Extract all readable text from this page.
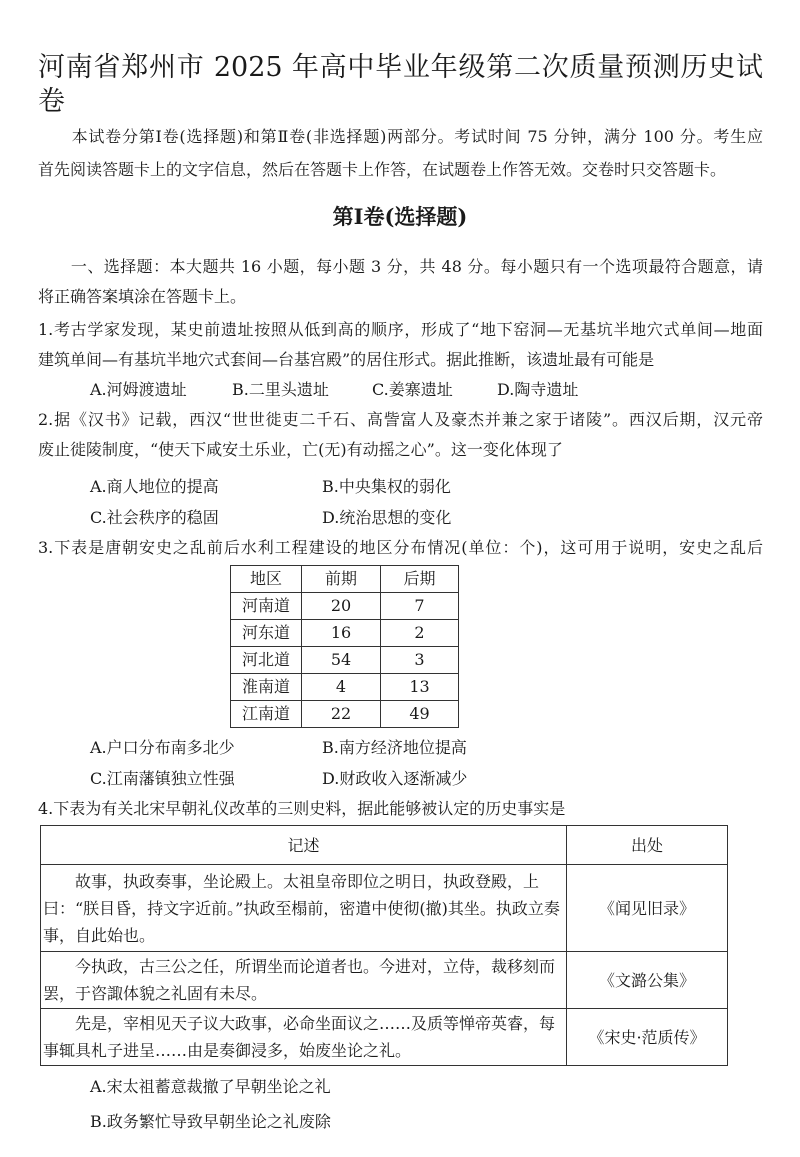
河南省郑州市 2025 年高中毕业年级第二次质量预测历史试卷
　　本试卷分第Ⅰ卷(选择题)和第Ⅱ卷(非选择题)两部分。考试时间 75 分钟，满分 100 分。考生应
首先阅读答题卡上的文字信息，然后在答题卡上作答，在试题卷上作答无效。交卷时只交答题卡。
第Ⅰ卷(选择题)
　　一、选择题：本大题共 16 小题，每小题 3 分，共 48 分。每小题只有一个选项最符合题意，请
将正确答案填涂在答题卡上。
1.考古学家发现，某史前遗址按照从低到高的顺序，形成了“地下窑洞—无基坑半地穴式单间—地面
建筑单间—有基坑半地穴式套间—台基宫殿”的居住形式。据此推断，该遗址最有可能是
A.河姆渡遗址	B.二里头遗址	C.姜寨遗址	D.陶寺遗址
2.据《汉书》记载，西汉“世世徙吏二千石、高訾富人及豪杰并兼之家于诸陵”。西汉后期，汉元帝
废止徙陵制度，“使天下咸安土乐业，亡(无)有动摇之心”。这一变化体现了
A.商人地位的提高	B.中央集权的弱化
C.社会秩序的稳固	D.统治思想的变化
3.下表是唐朝安史之乱前后水利工程建设的地区分布情况(单位：个)，这可用于说明，安史之乱后
地区	前期	后期
河南道	20	7
河东道	16	2
河北道	54	3
淮南道	4	13
江南道	22	49
A.户口分布南多北少	B.南方经济地位提高
C.江南藩镇独立性强	D.财政收入逐渐减少
4.下表为有关北宋早朝礼仪改革的三则史料，据此能够被认定的历史事实是
记述	出处
　　故事，执政奏事，坐论殿上。太祖皇帝即位之明日，执政登殿，上曰：“朕目昏，持文字近前。”执政至榻前，密遣中使彻(撤)其坐。执政立奏事，自此始也。	《闻见旧录》
　　今执政，古三公之任，所谓坐而论道者也。今进对，立侍，裁移刻而罢，于咨諏体貌之礼固有未尽。	《文潞公集》
　　先是，宰相见天子议大政事，必命坐面议之……及质等惮帝英睿，每事辄具札子进呈……由是奏御浸多，始废坐论之礼。	《宋史·范质传》
A.宋太祖蓄意裁撤了早朝坐论之礼
B.政务繁忙导致早朝坐论之礼废除
